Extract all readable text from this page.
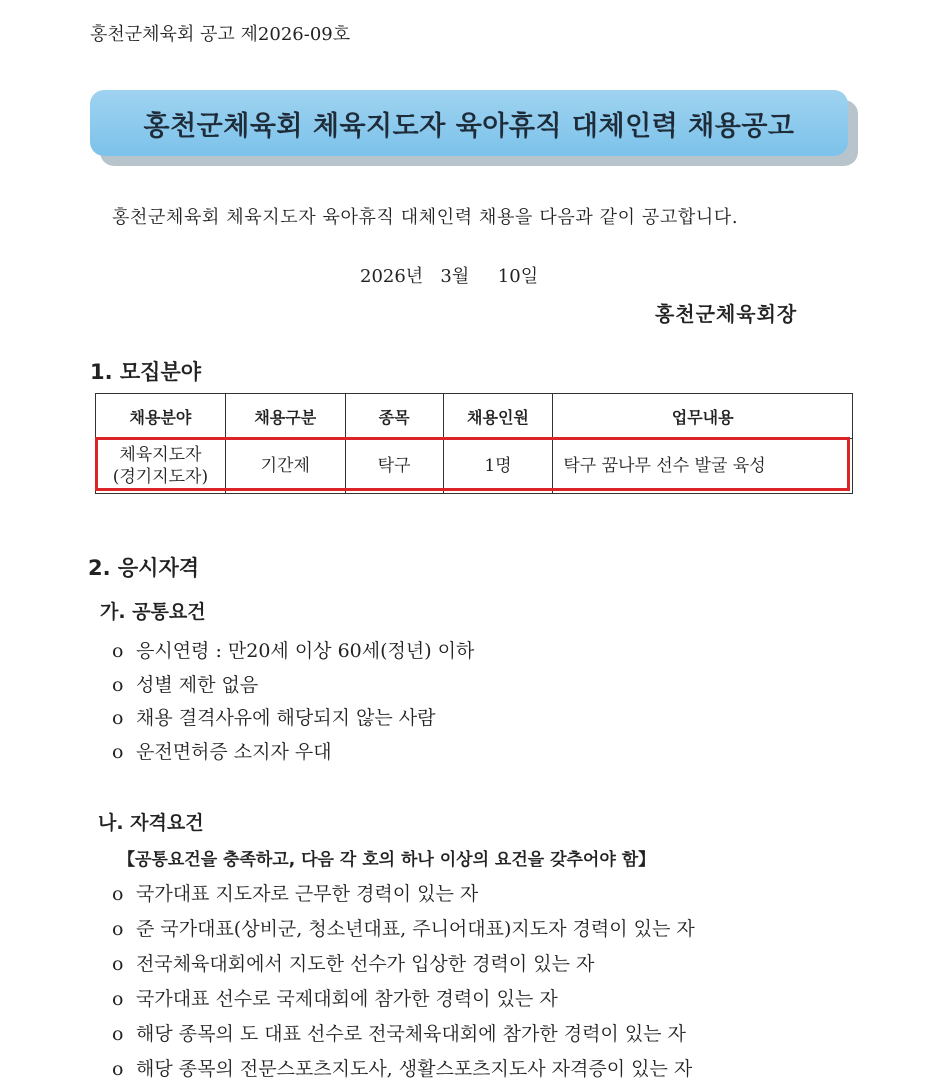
홍천군체육회 공고 제2026-09호
홍천군체육회 체육지도자 육아휴직 대체인력 채용공고
홍천군체육회 체육지도자 육아휴직 대체인력 채용을 다음과 같이 공고합니다.
2026년   3월     10일
홍천군체육회장
1. 모집분야
채용분야	채용구분	종목	채용인원	업무내용

체육지도자
(경기지도자)	기간제	탁구	1명	탁구 꿈나무 선수 발굴 육성
2. 응시자격
가. 공통요건
o 응시연령 : 만20세 이상 60세(정년) 이하
o 성별 제한 없음
o 채용 결격사유에 해당되지 않는 사람
o 운전면허증 소지자 우대
나. 자격요건
【공통요건을 충족하고, 다음 각 호의 하나 이상의 요건을 갖추어야 함】
o 국가대표 지도자로 근무한 경력이 있는 자
o 준 국가대표(상비군, 청소년대표, 주니어대표)지도자 경력이 있는 자
o 전국체육대회에서 지도한 선수가 입상한 경력이 있는 자
o 국가대표 선수로 국제대회에 참가한 경력이 있는 자
o 해당 종목의 도 대표 선수로 전국체육대회에 참가한 경력이 있는 자
o 해당 종목의 전문스포츠지도사, 생활스포츠지도사 자격증이 있는 자
